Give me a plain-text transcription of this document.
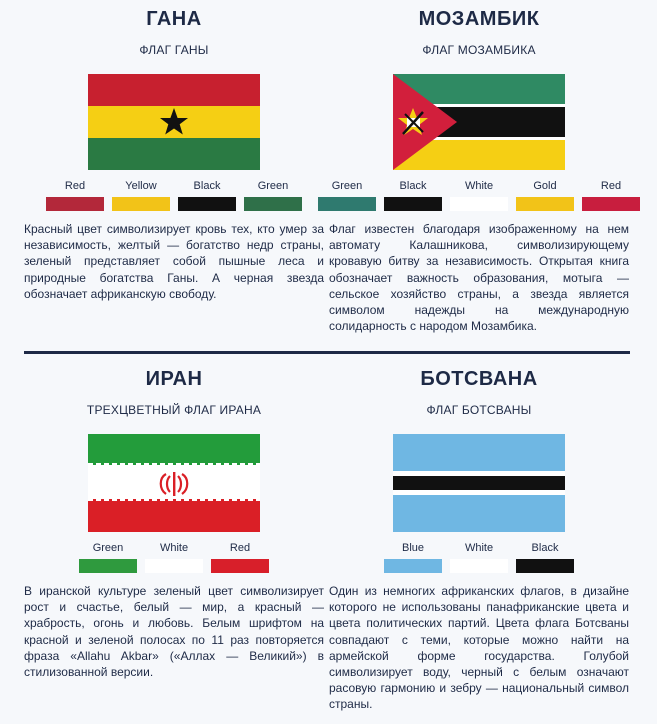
ГАНА
ФЛАГ ГАНЫ
Red	Yellow	Black	Green
Красный цвет символизирует кровь тех, кто умер за независимость, желтый — богатство недр страны, зеленый представляет собой пышные леса и природные богатства Ганы. А черная звезда обозначает африканскую свободу.
МОЗАМБИК
ФЛАГ МОЗАМБИКА
Green	Black	White	Gold	Red
Флаг известен благодаря изображенному на нем автомату Калашникова, символизирующему кровавую битву за независимость. Открытая книга обозначает важность образования, мотыга — сельское хозяйство страны, а звезда является символом надежды на международную солидарность с народом Мозамбика.
ИРАН
ТРЕХЦВЕТНЫЙ ФЛАГ ИРАНА
Green	White	Red
В иранской культуре зеленый цвет символизирует рост и счастье, белый — мир, а красный — храбрость, огонь и любовь. Белым шрифтом на красной и зеленой полосах по 11 раз повторяется фраза «Allahu Akbar» («Аллах — Великий») в стилизованной версии.
БОТСВАНА
ФЛАГ БОТСВАНЫ
Blue	White	Black
Один из немногих африканских флагов, в дизайне которого не использованы панафриканские цвета и цвета политических партий. Цвета флага Ботсваны совпадают с теми, которые можно найти на армейской форме государства. Голубой символизирует воду, черный с белым означают расовую гармонию и зебру — национальный символ страны.
